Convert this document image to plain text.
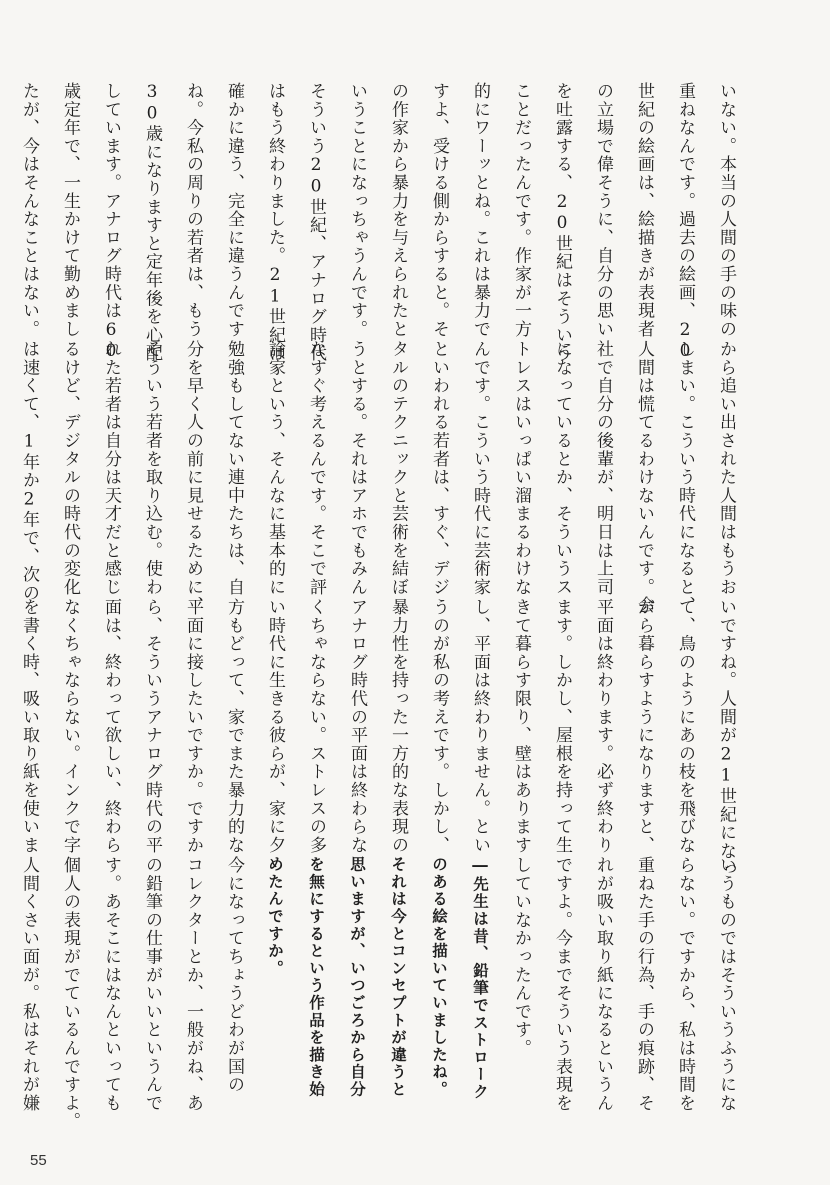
いない。本当の人間の手の味の
重ねなんです。過去の絵画、20
世紀の絵画は、絵描きが表現者
の立場で偉そうに、自分の思い
を吐露する、20世紀はそういう
ことだったんです。作家が一方
的にワーッとね。これは暴力で
すよ、受ける側からすると。そ
の作家から暴力を与えられたと
いうことになっちゃうんです。
そういう20世紀、アナログ時代
はもう終わりました。21世紀は
確かに違う、完全に違うんです
ね。今私の周りの若者は、もう
30歳になりますと定年後を心配
しています。アナログ時代は60
歳定年で、一生かけて勤めまし
たが、今はそんなことはない。
から追い出された人間はもうお
しまい。こういう時代になると、
人間は慌てるわけないんです。会
社で自分の後輩が、明日は上司
になっているとか、そういうス
トレスはいっぱい溜まるわけな
んです。こういう時代に芸術家
といわれる若者は、すぐ、デジ
タルのテクニックと芸術を結ぼ
うとする。それはアホでもみん
なすぐ考えるんです。そこで評
論家という、そんなに基本的に
勉強もしてない連中たちは、自
分を早く人の前に見せるために、
そういう若者を取り込む。使わ
れた若者は自分は天才だと感じ
るけど、デジタルの時代の変化
は速くて、1年か2年で、次の
いですね。人間が21世紀になっ
て、鳥のようにあの枝を飛びな
がら暮らすようになりますと、
平面は終わります。必ず終わり
ます。しかし、屋根を持って生
きて暮らす限り、壁はあります
し、平面は終わりません。とい
うのが私の考えです。しかし、
暴力性を持った一方的な表現の
アナログ時代の平面は終わらな
くちゃならない。ストレスの多
い時代に生きる彼らが、家に夕
方もどって、家でまた暴力的な
平面に接したいですか。ですか
ら、そういうアナログ時代の平
面は、終わって欲しい、終わら
なくちゃならない。インクで字
を書く時、吸い取り紙を使いま
いうものではそういうふうにな
らない。ですから、私は時間を
重ねた手の行為、手の痕跡、そ
れが吸い取り紙になるというん
ですよ。今までそういう表現を
していなかったんです。
―先生は昔、鉛筆でストローク
のある絵を描いていましたね。
それは今とコンセプトが違うと
思いますが、いつごろから自分
を無にするという作品を描き始
めたんですか。
今になってちょうどわが国の
コレクターとか、一般がね、あ
の鉛筆の仕事がいいというんで
す。あそこにはなんといっても
個人の表現がでているんですよ。
人間くさい面が。私はそれが嫌
55
